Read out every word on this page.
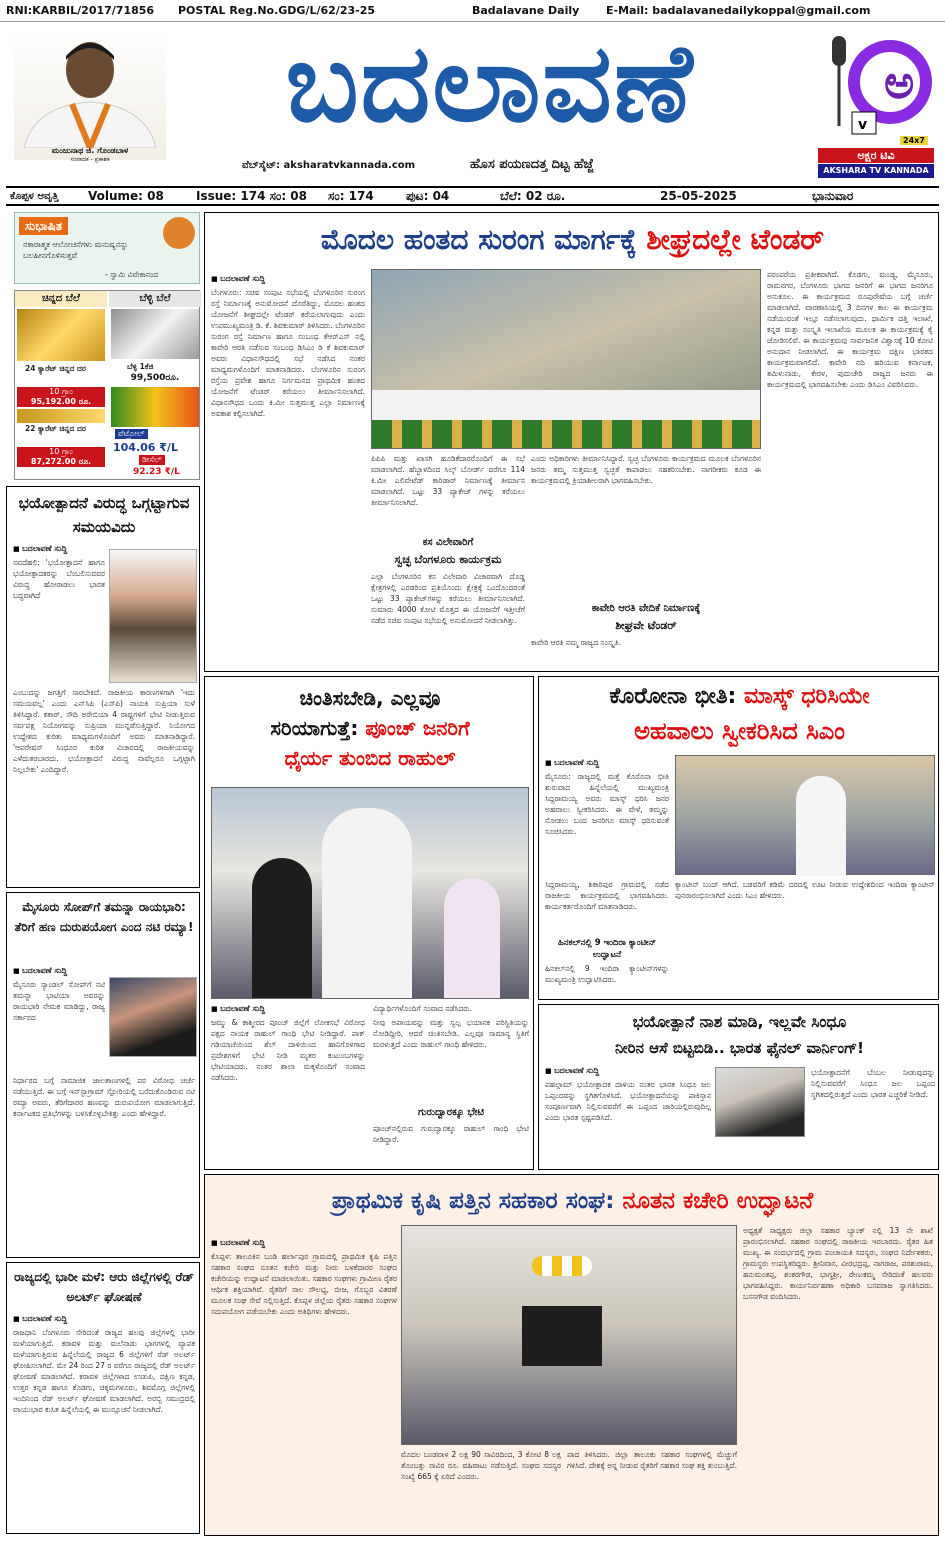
RNI:KARBIL/2017/71856 POSTAL Reg.No.GDG/L/62/23-25	Badalavane Daily E-Mail: badalavanedailykoppal@gmail.com
ಮಂಜುನಾಥ ಜಿ. ಗೊಂಡಬಾಳ
ಸಂಪಾದಕ - ಪ್ರಕಾಶಕ
ಬದಲಾವಣೆ
ವೆಬ್‌ಸೈಟ್: aksharatvkannada.com	ಹೊಸ ಪಯಣದತ್ತ ದಿಟ್ಟ ಹೆಜ್ಜೆ
ಅ
v
24x7
ಅಕ್ಷರ ಟಿವಿ
AKSHARA TV KANNADA
ಕೊಪ್ಪಳ ಆವೃತ್ತಿ Volume: 08	Issue: 174 ಸಂ: 08 ಸಂ: 174	ಪುಟ: 04	ಬೆಲೆ: 02 ರೂ.	25-05-2025	ಭಾನುವಾರ
ಸುಭಾಷಿತ
ನಕಾರಾತ್ಮಕ ಆಲೋಚನೆಗಳು ಮನುಷ್ಯನನ್ನು ಬಲಹೀನಗೊಳಿಸುತ್ತವೆ
- ಸ್ವಾಮಿ ವಿವೇಕಾನಂದ
ಚಿನ್ನದ ಬೆಲೆ	ಬೆಳ್ಳಿ ಬೆಲೆ
24 ಕ್ಯಾರೆಟ್ ಚಿನ್ನದ ದರ
10 ಗ್ರಾಂ
95,192.00 ರೂ.
22 ಕ್ಯಾರೆಟ್ ಚಿನ್ನದ ದರ
10 ಗ್ರಾಂ
87,272.00 ರೂ.
ಬೆಳ್ಳಿ 1ಕೆಜಿ
99,500ರೂ.
ಪೆಟ್ರೋಲ್
104.06 ₹/L
ಡೀಸೆಲ್
92.23 ₹/L
ಭಯೋತ್ಪಾದನೆ ವಿರುದ್ಧ ಒಗ್ಗಟ್ಟಾಗುವ ಸಮಯವಿದು
■ ಬದಲಾವಣೆ ಸುದ್ದಿ
ನವದೆಹಲಿ: 'ಭಯೋತ್ಪಾದನೆ ಹಾಗೂ ಭಯೋತ್ಪಾದಕರನ್ನು ಬೆಂಬಲಿಸುವವರ ವಿರುದ್ಧ ಹೋರಾಡಲು ಭಾರತ ಬದ್ಧವಾಗಿದೆ
ಎಂಬುದನ್ನು ಜಗತ್ತಿಗೆ ಸಾರಬೇಕಿದೆ. ರಾಜಕೀಯ ಕಾರಣಗಳಿಗಾಗಿ 'ಇದು ಸಮಯವಲ್ಲ' ಎಂದು ಎನ್‌ಸಿಪಿ (ಎಸ್‌ಪಿ) ನಾಯಕಿ ಸುಪ್ರಿಯಾ ಸುಳೆ ತಿಳಿಸಿದ್ದಾರೆ. ಕತಾರ್, ಸೌದಿ ಅರೇಬಿಯಾ 4 ರಾಷ್ಟ್ರಗಳಿಗೆ ಭೇಟಿ ನೀಡುತ್ತಿರುವ ಸರ್ವಪಕ್ಷ ನಿಯೋಗವನ್ನು ಸುಪ್ರಿಯಾ ಮುನ್ನಡೆಸುತ್ತಿದ್ದಾರೆ. ನಿಯೋಗದ ಉದ್ದೇಶದ ಕುರಿತು ಮಾಧ್ಯಮಗಳೊಂದಿಗೆ ಅವರು ಮಾತನಾಡಿದ್ದಾರೆ. 'ಆಪರೇಷನ್ ಸಿಂಧೂರ ಕುರಿತ ವಿಚಾರದಲ್ಲಿ ರಾಜಕೀಯವನ್ನು ಎಳೆದುತರಬಾರದು. ಭಯೋತ್ಪಾದನೆ ವಿರುದ್ಧ ನಾವೆಲ್ಲರೂ ಒಗ್ಗಟ್ಟಾಗಿ ನಿಲ್ಲಬೇಕು' ಎಂದಿದ್ದಾರೆ.
ಮೈಸೂರು ಸೋಪ್‌ಗೆ ತಮನ್ನಾ ರಾಯಭಾರಿ: ತೆರಿಗೆ ಹಣ ದುರುಪಯೋಗ ಎಂದ ನಟಿ ರಮ್ಯಾ!
■ ಬದಲಾವಣೆ ಸುದ್ದಿ
ಮೈಸೂರು ಸ್ಯಾಂಡಲ್ ಸೋಪ್‌ಗೆ ನಟಿ ತಮನ್ನಾ ಭಾಟಿಯಾ ಅವರನ್ನು ರಾಯಭಾರಿ ನೇಮಕ ಮಾಡಿದ್ದು, ರಾಜ್ಯ ಸರ್ಕಾರದ
ನಿರ್ಧಾರದ ಬಗ್ಗೆ ಸಾಮಾಜಿಕ ಜಾಲತಾಣಗಳಲ್ಲಿ ಪರ ವಿರೋಧ ಚರ್ಚೆ ನಡೆಯುತ್ತಿದೆ. ಈ ಬಗ್ಗೆ ಇನ್‌ಸ್ಟಾಗ್ರಾಮ್ ಸ್ಟೋರಿಯಲ್ಲಿ ಬರೆದುಕೊಂಡಿರುವ ನಟಿ ರಮ್ಯಾ ಅವರು, ತೆರಿಗೆದಾರರ ಹಣವನ್ನು ದುರುಪಯೋಗ ಮಾಡಲಾಗುತ್ತಿದೆ. ಕರ್ನಾಟಕದ ಪ್ರತಿಭೆಗಳನ್ನು ಬಳಸಿಕೊಳ್ಳಬೇಕಿತ್ತು ಎಂದು ಹೇಳಿದ್ದಾರೆ.
ರಾಜ್ಯದಲ್ಲಿ ಭಾರೀ ಮಳೆ: ಆರು ಜಿಲ್ಲೆಗಳಲ್ಲಿ ರೆಡ್ ಅಲರ್ಟ್ ಘೋಷಣೆ
■ ಬದಲಾವಣೆ ಸುದ್ದಿ
ರಾಜಧಾನಿ ಬೆಂಗಳೂರು ಸೇರಿದಂತೆ ರಾಜ್ಯದ ಹಲವು ಜಿಲ್ಲೆಗಳಲ್ಲಿ ಭಾರೀ ಮಳೆಯಾಗುತ್ತಿದೆ. ಕರಾವಳಿ ಮತ್ತು ಮಲೆನಾಡು ಭಾಗಗಳಲ್ಲಿ ವ್ಯಾಪಕ ಮಳೆಯಾಗುತ್ತಿರುವ ಹಿನ್ನೆಲೆಯಲ್ಲಿ ರಾಜ್ಯದ 6 ಜಿಲ್ಲೆಗಳಿಗೆ ರೆಡ್ ಅಲರ್ಟ್ ಘೋಷಿಸಲಾಗಿದೆ. ಮೇ 24 ರಿಂದ 27 ರ ವರೆಗೂ ರಾಜ್ಯದಲ್ಲಿ ರೆಡ್ ಅಲರ್ಟ್ ಘೋಷಣೆ ಮಾಡಲಾಗಿದೆ. ಕರಾವಳಿ ಜಿಲ್ಲೆಗಳಾದ ಉಡುಪಿ, ದಕ್ಷಿಣ ಕನ್ನಡ, ಉತ್ತರ ಕನ್ನಡ ಹಾಗೂ ಕೊಡಗು, ಚಿಕ್ಕಮಗಳೂರು, ಶಿವಮೊಗ್ಗ ಜಿಲ್ಲೆಗಳಲ್ಲಿ ಇಂದಿನಿಂದ ರೆಡ್ ಅಲರ್ಟ್ ಘೋಷಣೆ ಮಾಡಲಾಗಿದೆ. ಅರಬ್ಬಿ ಸಮುದ್ರದಲ್ಲಿ ವಾಯುಭಾರ ಕುಸಿತ ಹಿನ್ನೆಲೆಯಲ್ಲಿ ಈ ಮುನ್ಸೂಚನೆ ನೀಡಲಾಗಿದೆ.
ಮೊದಲ ಹಂತದ ಸುರಂಗ ಮಾರ್ಗಕ್ಕೆ ಶೀಘ್ರದಲ್ಲೇ ಟೆಂಡರ್
■ ಬದಲಾವಣೆ ಸುದ್ದಿ
ಬೆಂಗಳೂರು: ಸಚಿವ ಸಂಪುಟ ಸಭೆಯಲ್ಲಿ ಬೆಂಗಳೂರಿನ ಸುರಂಗ ರಸ್ತೆ ನಿರ್ಮಾಣಕ್ಕೆ ಅನುಮೋದನೆ ದೊರೆತಿದ್ದು, ಮೊದಲ ಹಂತದ ಯೋಜನೆಗೆ ಶೀಘ್ರದಲ್ಲೇ ಟೆಂಡರ್ ಕರೆಯಲಾಗುವುದು ಎಂದು ಉಪಮುಖ್ಯಮಂತ್ರಿ ಡಿ. ಕೆ. ಶಿವಕುಮಾರ್ ತಿಳಿಸಿದರು. ಬೆಂಗಳೂರಿನ ಸುರಂಗ ರಸ್ತೆ ನಿರ್ಮಾಣ ಹಾಗೂ ಸಂಬಂಧ ಕೆಆರ್‌ಎಸ್ ನಲ್ಲಿ ಕಾವೇರಿ ಆರತಿ ನಡೆಸುವ ಸಂಬಂಧ ಡಿಸಿಎಂ ಡಿ ಕೆ ಶಿವಕುಮಾರ್ ಅವರು ವಿಧಾನಸೌಧದಲ್ಲಿ ಸಭೆ ನಡೆಸಿದ ನಂತರ ಮಾಧ್ಯಮಗಳೊಂದಿಗೆ ಮಾತನಾಡಿದರು. ಬೆಂಗಳೂರಿನ ಸುರಂಗ ರಸ್ತೆಯ ಪ್ರವೇಶ ಹಾಗೂ ನಿರ್ಗಮನದ ಪ್ರಾಥಮಿಕ ಹಂತದ ಯೋಜನೆಗೆ ಟೆಂಡರ್ ಕರೆಯಲು ತೀರ್ಮಾನಿಸಲಾಗಿದೆ. ವಿಧಾನಸೌಧದ ಒಂದು ಕಿ.ಮೀ ಸುತ್ತಮುತ್ತ ಎಲ್ಲಾ ನಿರ್ಮಾಣಕ್ಕೆ ಅವಕಾಶ ಕಲ್ಪಿಸಲಾಗಿದೆ.
ಪಿಪಿಪಿ ಮತ್ತು ಖಾಸಗಿ ಹೂಡಿಕೆದಾರರೊಂದಿಗೆ ಈ ಸಭೆ ಮಾಡಲಾಗಿದೆ. ಹೆಬ್ಬಾಳದಿಂದ ಸಿಲ್ಕ್ ಬೋರ್ಡ್ ವರೆಗೂ 114 ಕಿ.ಮೀ ಎಲಿವೇಟೆಡ್ ಕಾರಿಡಾರ್ ನಿರ್ಮಾಣಕ್ಕೆ ತೀರ್ಮಾನ ಮಾಡಲಾಗಿದೆ. ಒಟ್ಟು 33 ಪ್ಯಾಕೇಜ್ ಗಳನ್ನು ಕರೆಯಲು ತೀರ್ಮಾನಿಸಲಾಗಿದೆ.
ಕಸ ವಿಲೇವಾರಿಗೆ
ಸ್ವಚ್ಛ ಬೆಂಗಳೂರು ಕಾರ್ಯಕ್ರಮ
ಎಲ್ಲಾ ಬೆಂಗಳೂರಿನ ಕಸ ವಿಲೇವಾರಿ ವಿಚಾರವಾಗಿ ದೊಡ್ಡ ಕ್ಷೇತ್ರಗಳಲ್ಲಿ ಎರಡರಿಂದ ಪ್ರತಿಯೊಂದು ಕ್ಷೇತ್ರಕ್ಕೆ ಒಂದೊಂದರಂತೆ ಒಟ್ಟು 33 ಪ್ಯಾಕೇಜ್‌ಗಳನ್ನು ಕರೆಯಲು ತೀರ್ಮಾನಿಸಲಾಗಿದೆ. ಸುಮಾರು 4000 ಕೋಟಿ ಮೊತ್ತದ ಈ ಯೋಜನೆಗೆ ಇತ್ತೀಚೆಗೆ ನಡೆದ ಸಚಿವ ಸಂಪುಟ ಸಭೆಯಲ್ಲಿ ಅನುಮೋದನೆ ನೀಡಲಾಗಿತ್ತು.
ಎಂದು ಅಧಿಕಾರಿಗಳು ತೀರ್ಮಾನಿಸಿದ್ದಾರೆ. ಸ್ವಚ್ಛ ಬೆಂಗಳೂರು ಕಾರ್ಯಕ್ರಮದ ಮೂಲಕ ಬೆಂಗಳೂರಿನ ಜನರು ತಮ್ಮ ಸುತ್ತಮುತ್ತ ಸ್ವಚ್ಛತೆ ಕಾಪಾಡಲು ಸಹಕರಿಸಬೇಕು. ನಾಗರೀಕರು ಕೂಡ ಈ ಕಾರ್ಯಕ್ರಮದಲ್ಲಿ ಕ್ರಿಯಾಶೀಲರಾಗಿ ಭಾಗವಹಿಸಬೇಕು.
ಕಾವೇರಿ ಆರತಿ ವೇದಿಕೆ ನಿರ್ಮಾಣಕ್ಕೆ
ಶೀಘ್ರವೇ ಟೆಂಡರ್
ಕಾವೇರಿ ಆರತಿ ನಮ್ಮ ರಾಜ್ಯದ ಸಂಸ್ಕೃತಿ.
ಪರಂಪರೆಯ ಪ್ರತೀಕವಾಗಿದೆ. ಕೊಡಗು, ಮಂಡ್ಯ, ಮೈಸೂರು, ರಾಮನಗರ, ಬೆಂಗಳೂರು ಭಾಗದ ಜನರಿಗೆ ಈ ಭಾಗದ ಜನರಿಗೂ ಅನುಕೂಲ. ಈ ಕಾರ್ಯಕ್ರಮದ ರೂಪುರೇಷೆಯ ಬಗ್ಗೆ ಚರ್ಚೆ ಮಾಡಲಾಗಿದೆ. ವಾರಣಾಸಿಯಲ್ಲಿ 3 ದಿನಗಳ ಕಾಲ ಈ ಕಾರ್ಯಕ್ರಮ ನಡೆಯುವಂತೆ ಇಲ್ಲೂ ನಡೆಸಲಾಗುವುದು. ಧಾರ್ಮಿಕ ದತ್ತಿ ಇಲಾಖೆ, ಕನ್ನಡ ಮತ್ತು ಸಂಸ್ಕೃತಿ ಇಲಾಖೆಯ ಮೂಲಕ ಈ ಕಾರ್ಯಕ್ರಮಕ್ಕೆ ಕೈ ಜೋಡಿಸಲಿವೆ. ಈ ಕಾರ್ಯಕ್ರಮವು ಸಾರ್ವಜನಿಕ ವಿಶ್ವಾಸಕ್ಕೆ 10 ಕೋಟಿ ಅನುದಾನ ನೀಡಲಾಗಿದೆ. ಈ ಕಾರ್ಯಕ್ರಮ ದಕ್ಷಿಣ ಭಾರತದ ಕಾರ್ಯಕ್ರಮವಾಗಲಿದೆ. ಕಾವೇರಿ ನದಿ ಹರಿಯುವ ಕರ್ನಾಟಕ, ತಮಿಳುನಾಡು, ಕೇರಳ, ಪುದುಚೇರಿ ರಾಜ್ಯದ ಜನರು ಈ ಕಾರ್ಯಕ್ರಮದಲ್ಲಿ ಭಾಗವಹಿಸಬೇಕು ಎಂದು ಡಿಸಿಎಂ ವಿವರಿಸಿದರು.
ಚಿಂತಿಸಬೇಡಿ, ಎಲ್ಲವೂ
ಸರಿಯಾಗುತ್ತೆ: ಪೂಂಚ್ ಜನರಿಗೆ
ಧೈರ್ಯ ತುಂಬಿದ ರಾಹುಲ್
■ ಬದಲಾವಣೆ ಸುದ್ದಿ	ವಿದ್ಯಾರ್ಥಿಗಳೊಂದಿಗೆ ಸಂವಾದ ನಡೆಸಿದರು.
ಜಮ್ಮು & ಕಾಶ್ಮೀರದ ಪೂಂಚ್ ಜಿಲ್ಲೆಗೆ ಲೋಕಸಭೆ ವಿರೋಧ ಪಕ್ಷದ ನಾಯಕ ರಾಹುಲ್ ಗಾಂಧಿ ಭೇಟಿ ನೀಡಿದ್ದಾರೆ. ಪಾಕ್ ಗಡಿಯಾಚೆಯಿಂದ ಶೆಲ್ ದಾಳಿಯಿಂದ ಹಾನಿಗೊಳಗಾದ ಪ್ರದೇಶಗಳಿಗೆ ಭೇಟಿ ನೀಡಿ ಮೃತರ ಕುಟುಂಬಗಳನ್ನು ಭೇಟಿಯಾದರು. ನಂತರ ಶಾಲಾ ಮಕ್ಕಳೊಂದಿಗೆ ಸಂವಾದ ನಡೆಸಿದರು.
ನೀವು ಅಪಾಯವನ್ನು ಮತ್ತು ಸ್ವಲ್ಪ ಭಯಾನಕ ಪರಿಸ್ಥಿತಿಯನ್ನು ನೋಡಿದ್ದೀರಿ, ಆದರೆ ಚಿಂತಿಸಬೇಡಿ. ಎಲ್ಲವೂ ಸಾಮಾನ್ಯ ಸ್ಥಿತಿಗೆ ಮರಳುತ್ತದೆ ಎಂದು ರಾಹುಲ್ ಗಾಂಧಿ ಹೇಳಿದರು.
ಗುರುದ್ವಾರಕ್ಕೂ ಭೇಟಿ
ಪೂಂಚ್‌ನಲ್ಲಿರುವ ಗುರುದ್ವಾರಕ್ಕೂ ರಾಹುಲ್ ಗಾಂಧಿ ಭೇಟಿ ನೀಡಿದ್ದಾರೆ.
ಕೊರೋನಾ ಭೀತಿ: ಮಾಸ್ಕ್ ಧರಿಸಿಯೇ
ಅಹವಾಲು ಸ್ವೀಕರಿಸಿದ ಸಿಎಂ
■ ಬದಲಾವಣೆ ಸುದ್ದಿ
ಮೈಸೂರು: ರಾಜ್ಯದಲ್ಲಿ ಮತ್ತೆ ಕೊರೊನಾ ಭೀತಿ ಶುರುವಾದ ಹಿನ್ನೆಲೆಯಲ್ಲಿ ಮುಖ್ಯಮಂತ್ರಿ ಸಿದ್ದರಾಮಯ್ಯ ಅವರು ಮಾಸ್ಕ್ ಧರಿಸಿ ಜನರ ಅಹವಾಲು ಸ್ವೀಕರಿಸಿದರು. ಈ ವೇಳೆ, ತಮ್ಮನ್ನು ನೋಡಲು ಬಂದ ಜನರಿಗೂ ಮಾಸ್ಕ್ ಧರಿಸುವಂತೆ ಸೂಚಿಸಿದರು.
ಸಿದ್ದರಾಮಯ್ಯ, ಶಿಕಾರಿಪುರ ಗ್ರಾಮದಲ್ಲಿ ನಡೆದ ರಾಜಕೀಯ ಕಾರ್ಯಕ್ರಮದಲ್ಲಿ ಭಾಗವಹಿಸಿದರು. ಕಾರ್ಯಕರ್ತರೊಂದಿಗೆ ಮಾತನಾಡಿದರು.
ಹಿನಕಲ್‌ನಲ್ಲಿ 9 ಇಂದಿರಾ ಕ್ಯಾಂಟೀನ್ ಉದ್ಘಾಟನೆ
ಹಿನಕಲ್‌ನಲ್ಲಿ 9 ಇಂದಿರಾ ಕ್ಯಾಂಟೀನ್‌ಗಳನ್ನು ಮುಖ್ಯಮಂತ್ರಿ ಉದ್ಘಾಟಿಸಿದರು.
ಕ್ಯಾಂಟೀನ್ ಬಂದ್ ಆಗಿದೆ. ಬಡವರಿಗೆ ಕಡಿಮೆ ದರದಲ್ಲಿ ಊಟ ನೀಡುವ ಉದ್ದೇಶದಿಂದ ಇಂದಿರಾ ಕ್ಯಾಂಟೀನ್ ಪುನರಾರಂಭಿಸಲಾಗಿದೆ ಎಂದು ಸಿಎಂ ಹೇಳಿದರು.
ಭಯೋತ್ಪಾನೆ ನಾಶ ಮಾಡಿ, ಇಲ್ಲವೇ ಸಿಂಧೂ
ನೀರಿನ ಆಸೆ ಬಿಟ್ಟಬಿಡಿ.. ಭಾರತ ಫೈನಲ್ ವಾರ್ನಿಂಗ್!
■ ಬದಲಾವಣೆ ಸುದ್ದಿ
ಪಹಲ್ಗಾಮ್ ಭಯೋತ್ಪಾದಕ ದಾಳಿಯ ನಂತರ ಭಾರತ ಸಿಂಧೂ ಜಲ ಒಪ್ಪಂದವನ್ನು ಸ್ಥಗಿತಗೊಳಿಸಿದೆ. ಭಯೋತ್ಪಾದನೆಯನ್ನು ಪಾಕಿಸ್ತಾನ ಸಂಪೂರ್ಣವಾಗಿ ನಿಲ್ಲಿಸುವವರೆಗೆ ಈ ಒಪ್ಪಂದ ಜಾರಿಯಲ್ಲಿರುವುದಿಲ್ಲ ಎಂದು ಭಾರತ ಸ್ಪಷ್ಟಪಡಿಸಿದೆ.
ಭಯೋತ್ಪಾದನೆಗೆ ಬೆಂಬಲ ನೀಡುವುದನ್ನು ನಿಲ್ಲಿಸುವವರೆಗೆ ಸಿಂಧೂ ಜಲ ಒಪ್ಪಂದ ಸ್ಥಗಿತದಲ್ಲಿರುತ್ತದೆ ಎಂದು ಭಾರತ ಎಚ್ಚರಿಕೆ ನೀಡಿದೆ.
ಪ್ರಾಥಮಿಕ ಕೃಷಿ ಪತ್ತಿನ ಸಹಕಾರ ಸಂಘ: ನೂತನ ಕಚೇರಿ ಉದ್ಘಾಟನೆ
■ ಬದಲಾವಣೆ ಸುದ್ದಿ
ಕೊಪ್ಪಳ: ತಾಲೂಕಿನ ಬಂಡಿ ಹರ್ಲಾಪುರ ಗ್ರಾಮದಲ್ಲಿ ಪ್ರಾಥಮಿಕ ಕೃಷಿ ಪತ್ತಿನ ಸಹಕಾರ ಸಂಘದ ನೂತನ ಕಚೇರಿ ಮತ್ತು ನೀರು ಬಳಕೆದಾರರ ಸಂಘದ ಕಚೇರಿಯನ್ನು ಉದ್ಘಾಟನೆ ಮಾಡಲಾಯಿತು. ಸಹಕಾರ ಸಂಘಗಳು ಗ್ರಾಮೀಣ ರೈತರ ಆರ್ಥಿಕ ಶಕ್ತಿಯಾಗಿವೆ. ರೈತರಿಗೆ ಸಾಲ ಸೌಲಭ್ಯ, ಬೀಜ, ಗೊಬ್ಬರ ವಿತರಣೆ ಮೂಲಕ ಸಂಘ ಸೇವೆ ಸಲ್ಲಿಸುತ್ತಿದೆ. ಕೊಪ್ಪಳ ಜಿಲ್ಲೆಯ ರೈತರು ಸಹಕಾರ ಸಂಘಗಳ ಸದುಪಯೋಗ ಪಡೆಯಬೇಕು ಎಂದು ಅತಿಥಿಗಳು ಹೇಳಿದರು.
ಮೊದಲ ಬಂಡವಾಳ 2 ಲಕ್ಷ 90 ಸಾವಿರದಿಂದ, 3 ಕೋಟಿ 8 ಲಕ್ಷ ತೊಂಬತ್ತು ಸಾವಿರ ರೂ. ವಹಿವಾಟು ನಡೆಸುತ್ತಿದೆ. ಸಂಘದ ಸದಸ್ಯರ ಸಂಖ್ಯೆ 665 ಕ್ಕೆ ಏರಿದೆ ಎಂದರು.
ಪಾದ ತಿಳಿಸಿದರು. ಜಿಲ್ಲಾ ತಾಲೂಕು ಸಹಕಾರ ಸಂಘಗಳಲ್ಲಿ ಮೆಚ್ಚುಗೆ ಗಳಿಸಿದೆ. ದೇಶಕ್ಕೆ ಅನ್ನ ನೀಡುವ ರೈತರಿಗೆ ಸಹಕಾರ ಸಂಘ ಶಕ್ತಿ ತುಂಬುತ್ತಿದೆ.
ಅಧ್ಯಕ್ಷತೆ ಸಾಧ್ಯಕ್ಷರು ಜಿಲ್ಲಾ ಸಹಕಾರ ಬ್ಯಾಂಕ್ ನಲ್ಲಿ 13 ನೇ ಶಾಖೆ ಪ್ರಾರಂಭಿಸಲಾಗಿದೆ. ಸಹಕಾರ ಸಂಘದಲ್ಲಿ ರಾಜಕೀಯ ಇರಬಾರದು. ರೈತರ ಹಿತ ಮುಖ್ಯ. ಈ ಸಂದರ್ಭದಲ್ಲಿ ಗ್ರಾಮ ಪಂಚಾಯತಿ ಸದಸ್ಯರು, ಸಂಘದ ನಿರ್ದೇಶಕರು, ಗ್ರಾಮಸ್ಥರು ಉಪಸ್ಥಿತರಿದ್ದರು. ಶ್ರೀನಿವಾಸ, ವೀರಭದ್ರಪ್ಪ, ನಾಗರಾಜ, ಪರಶುರಾಮ, ಹನುಮಂತಪ್ಪ, ಶಂಕರಗೌಡ, ಭಾಗ್ಯಶ್ರೀ, ರೇಣುಕಮ್ಮ ಸೇರಿದಂತೆ ಹಲವರು ಭಾಗವಹಿಸಿದ್ದರು. ಕಾರ್ಯನಿರ್ವಹಣಾ ಅಧಿಕಾರಿ ಬಸವರಾಜ ಸ್ವಾಗತಿಸಿದರು. ಬಸನಗೌಡ ವಂದಿಸಿದರು.
